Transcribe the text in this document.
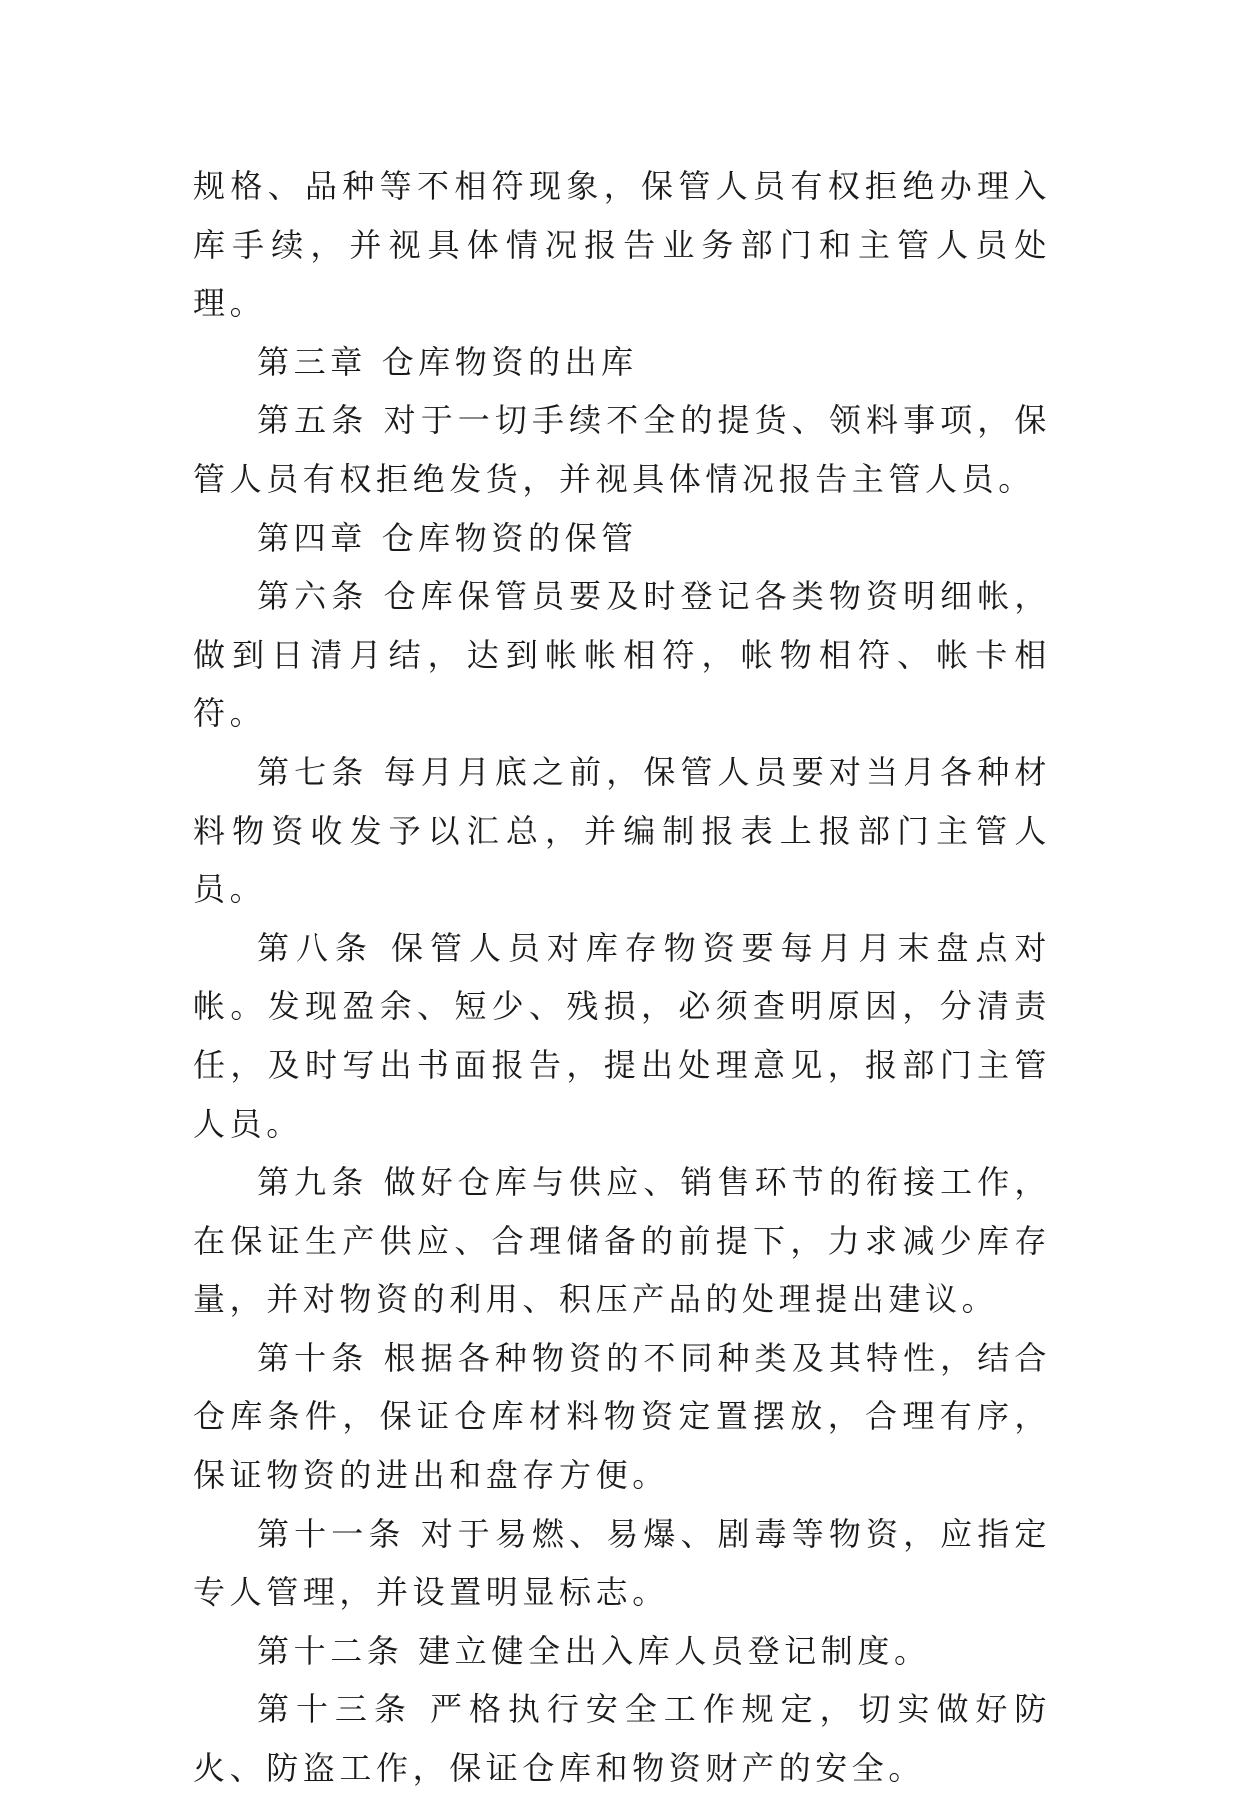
规格、品种等不相符现象，保管人员有权拒绝办理入库手续，并视具体情况报告业务部门和主管人员处理。

第三章 仓库物资的出库

第五条 对于一切手续不全的提货、领料事项，保管人员有权拒绝发货，并视具体情况报告主管人员。

第四章 仓库物资的保管

第六条 仓库保管员要及时登记各类物资明细帐，做到日清月结，达到帐帐相符，帐物相符、帐卡相符。

第七条 每月月底之前，保管人员要对当月各种材料物资收发予以汇总，并编制报表上报部门主管人员。

第八条 保管人员对库存物资要每月月末盘点对帐。发现盈余、短少、残损，必须查明原因，分清责任，及时写出书面报告，提出处理意见，报部门主管人员。

第九条 做好仓库与供应、销售环节的衔接工作，在保证生产供应、合理储备的前提下，力求减少库存量，并对物资的利用、积压产品的处理提出建议。

第十条 根据各种物资的不同种类及其特性，结合仓库条件，保证仓库材料物资定置摆放，合理有序，保证物资的进出和盘存方便。

第十一条 对于易燃、易爆、剧毒等物资，应指定专人管理，并设置明显标志。

第十二条 建立健全出入库人员登记制度。

第十三条 严格执行安全工作规定，切实做好防火、防盗工作，保证仓库和物资财产的安全。
